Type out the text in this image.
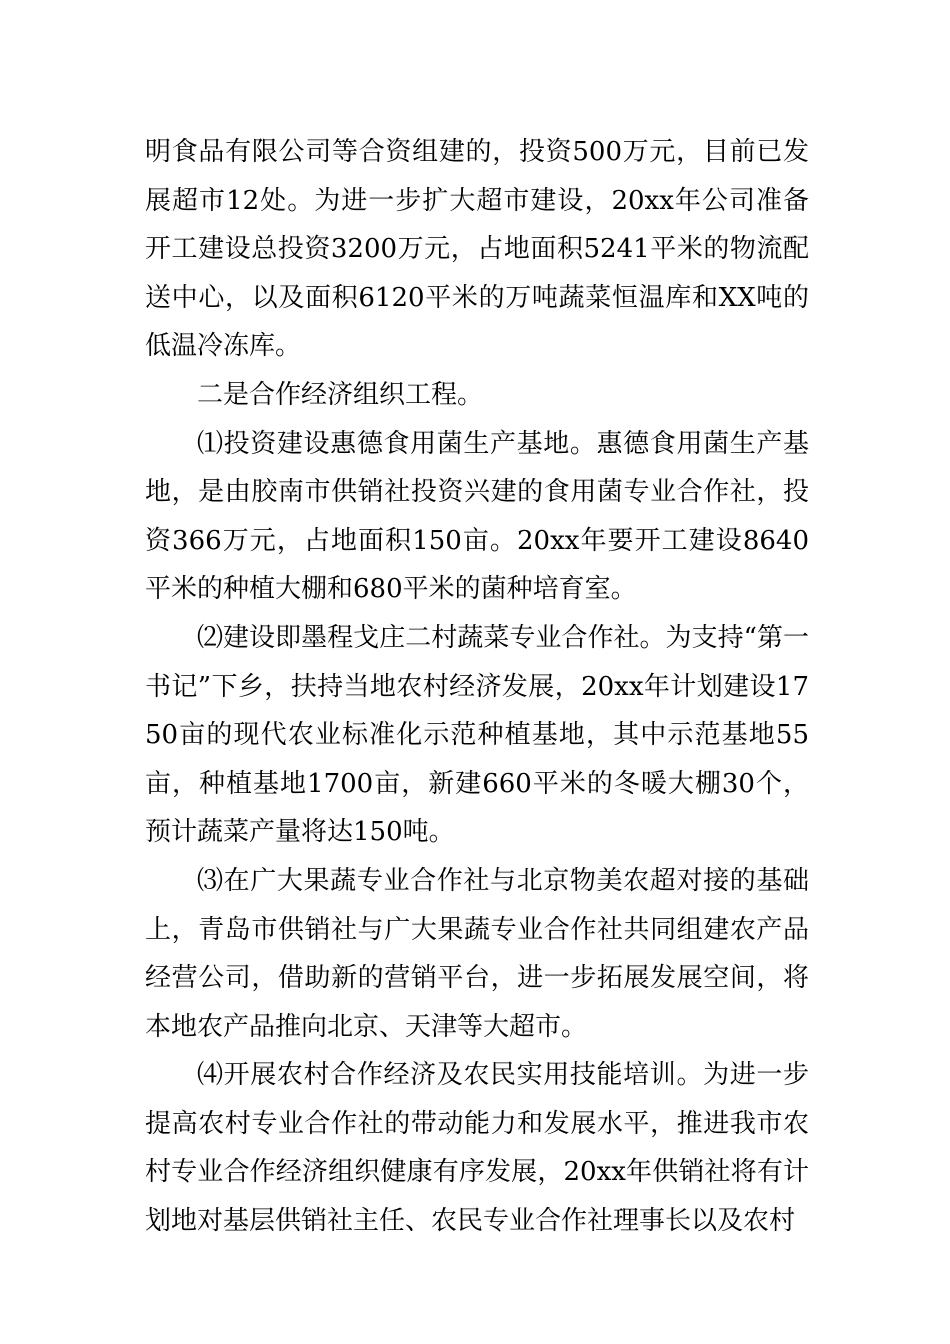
明食品有限公司等合资组建的，投资500万元，目前已发展超市12处。为进一步扩大超市建设，20xx年公司准备开工建设总投资3200万元，占地面积5241平米的物流配送中心，以及面积6120平米的万吨蔬菜恒温库和XX吨的低温冷冻库。

二是合作经济组织工程。

⑴投资建设惠德食用菌生产基地。惠德食用菌生产基地，是由胶南市供销社投资兴建的食用菌专业合作社，投资366万元，占地面积150亩。20xx年要开工建设8640平米的种植大棚和680平米的菌种培育室。

⑵建设即墨程戈庄二村蔬菜专业合作社。为支持“第一书记”下乡，扶持当地农村经济发展，20xx年计划建设1750亩的现代农业标准化示范种植基地，其中示范基地55亩，种植基地1700亩，新建660平米的冬暖大棚30个，预计蔬菜产量将达150吨。

⑶在广大果蔬专业合作社与北京物美农超对接的基础上，青岛市供销社与广大果蔬专业合作社共同组建农产品经营公司，借助新的营销平台，进一步拓展发展空间，将本地农产品推向北京、天津等大超市。

⑷开展农村合作经济及农民实用技能培训。为进一步提高农村专业合作社的带动能力和发展水平，推进我市农村专业合作经济组织健康有序发展，20xx年供销社将有计划地对基层供销社主任、农民专业合作社理事长以及农村
